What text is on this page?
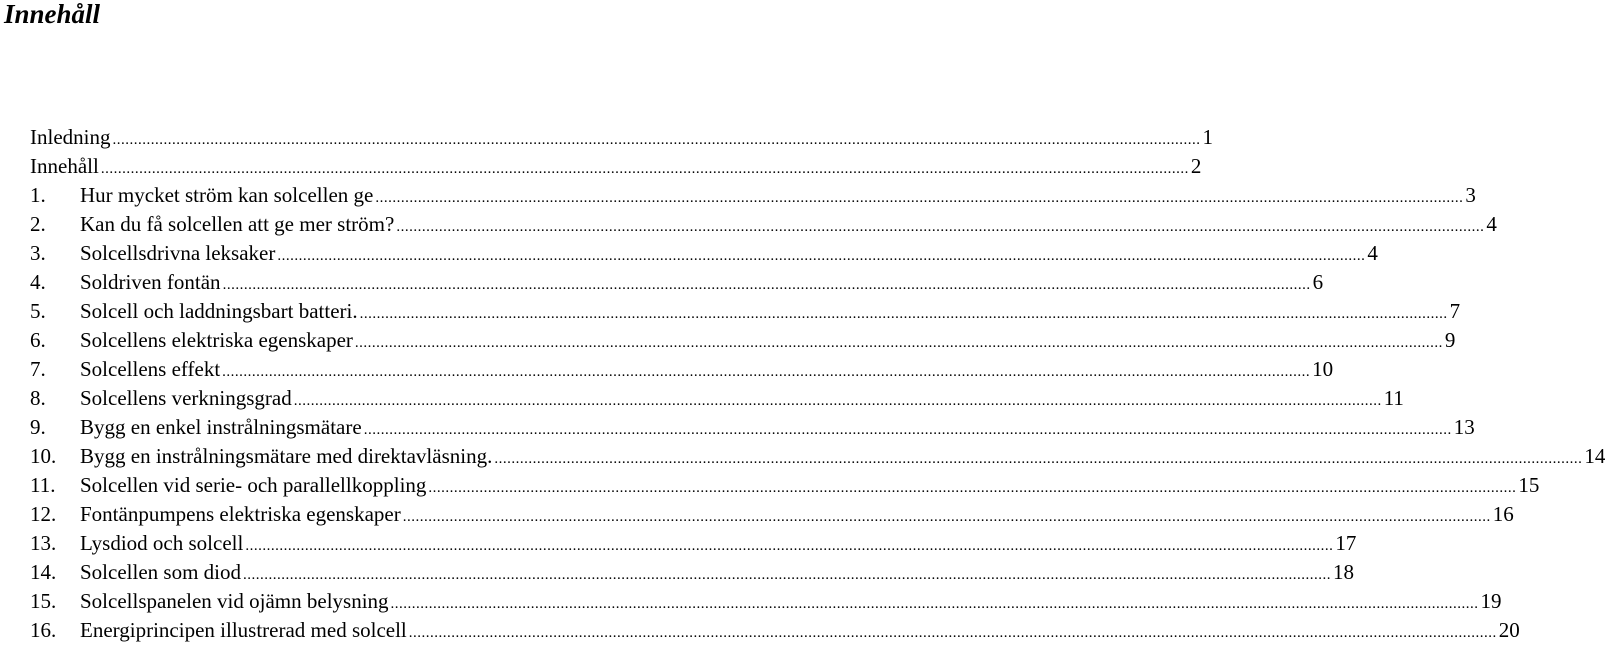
Innehåll
Inledning .....	1
Innehåll .....	2
1.	Hur mycket ström kan solcellen ge .....	3
2.	Kan du få solcellen att ge mer ström? .....	4
3.	Solcellsdrivna leksaker .....	4
4.	Soldriven fontän .....	6
5.	Solcell och laddningsbart batteri. .....	7
6.	Solcellens elektriska egenskaper .....	9
7.	Solcellens effekt .....	10
8.	Solcellens verkningsgrad .....	11
9.	Bygg en enkel instrålningsmätare .....	13
10.	Bygg en instrålningsmätare med direktavläsning. .....	14
11.	Solcellen vid serie- och parallellkoppling .....	15
12.	Fontänpumpens elektriska egenskaper .....	16
13.	Lysdiod och solcell .....	17
14.	Solcellen som diod .....	18
15.	Solcellspanelen vid ojämn belysning .....	19
16.	Energiprincipen illustrerad med solcell .....	20
